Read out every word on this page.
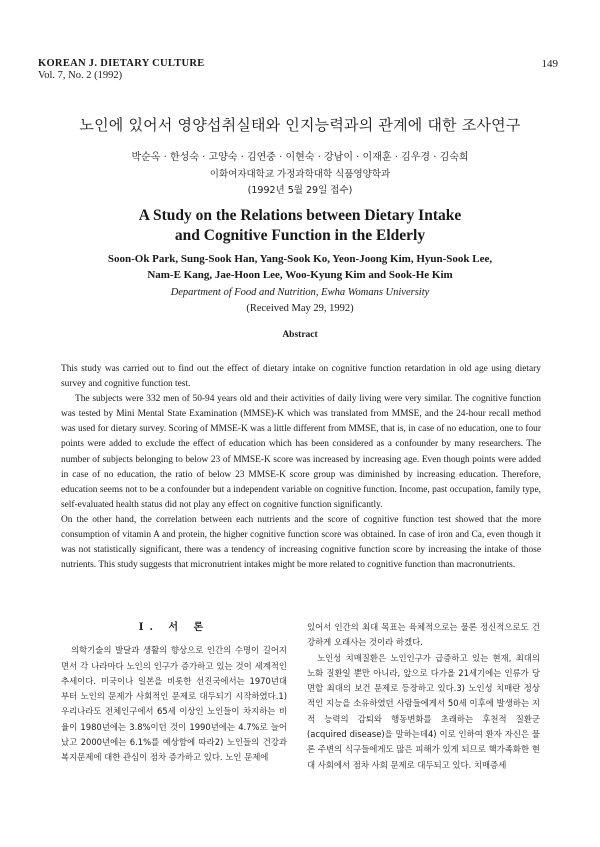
KOREAN J. DIETARY CULTURE
Vol. 7, No. 2 (1992)
149
노인에 있어서 영양섭취실태와 인지능력과의 관계에 대한 조사연구
박순옥 · 한성숙 · 고양숙 · 김연중 · 이현숙 · 강남이 · 이재훈 · 김우경 · 김숙희
이화여자대학교 가정과학대학 식품영양학과
(1992년 5월 29일 접수)
A Study on the Relations between Dietary Intake
and Cognitive Function in the Elderly
Soon-Ok Park, Sung-Sook Han, Yang-Sook Ko, Yeon-Joong Kim, Hyun-Sook Lee,
Nam-E Kang, Jae-Hoon Lee, Woo-Kyung Kim and Sook-He Kim
Department of Food and Nutrition, Ewha Womans University
(Received May 29, 1992)
Abstract

This study was carried out to find out the effect of dietary intake on cognitive function retardation in old age using dietary survey and cognitive function test.

The subjects were 332 men of 50-94 years old and their activities of daily living were very similar. The cognitive function was tested by Mini Mental State Examination (MMSE)-K which was translated from MMSE, and the 24-hour recall method was used for dietary survey. Scoring of MMSE-K was a little different from MMSE, that is, in case of no education, one to four points were added to exclude the effect of education which has been considered as a confounder by many researchers. The number of subjects belonging to below 23 of MMSE-K score was increased by increasing age. Even though points were added in case of no education, the ratio of below 23 MMSE-K score group was diminished by increasing education. Therefore, education seems not to be a confounder but a independent variable on cognitive function. Income, past occupation, family type, self-evaluated health status did not play any effect on cognitive function significantly.

On the other hand, the correlation between each nutrients and the score of cognitive function test showed that the more consumption of vitamin A and protein, the higher cognitive function score was obtained. In case of iron and Ca, even though it was not statistically significant, there was a tendency of increasing cognitive function score by increasing the intake of those nutrients. This study suggests that micronutrient intakes might be more related to cognitive function than macronutrients.

I. 서 론

의학기술의 발달과 생활의 향상으로 인간의 수명이 길어지면서 각 나라마다 노인의 인구가 증가하고 있는 것이 세계적인 추세이다. 미국이나 일본을 비롯한 선진국에서는 1970년대 부터 노인의 문제가 사회적인 문제로 대두되기 시작하였다.1) 우리나라도 전체인구에서 65세 이상인 노인들이 차지하는 비율이 1980년에는 3.8%이던 것이 1990년에는 4.7%로 늘어났고 2000년에는 6.1%를 예상함에 따라2) 노인들의 건강과 복지문제에 대한 관심이 점차 증가하고 있다. 노인 문제에

있어서 인간의 최대 목표는 육체적으로는 물론 정신적으로도 건강하게 오래사는 것이라 하겠다.

노인성 치매질환은 노인인구가 급증하고 있는 현재, 최대의 노화 질환일 뿐만 아니라, 앞으로 다가올 21세기에는 인류가 당면할 최대의 보건 문제로 등장하고 있다.3) 노인성 치매란 정상적인 지능을 소유하였던 사람들에게서 50세 이후에 발생하는 지적 능력의 감퇴와 행동변화를 초래하는 후천적 질환군(acquired disease)을 말하는데4) 이로 인하여 환자 자신은 물론 주변의 식구들에게도 많은 피해가 있게 되므로 핵가족화한 현대 사회에서 점차 사회 문제로 대두되고 있다. 치매증세
